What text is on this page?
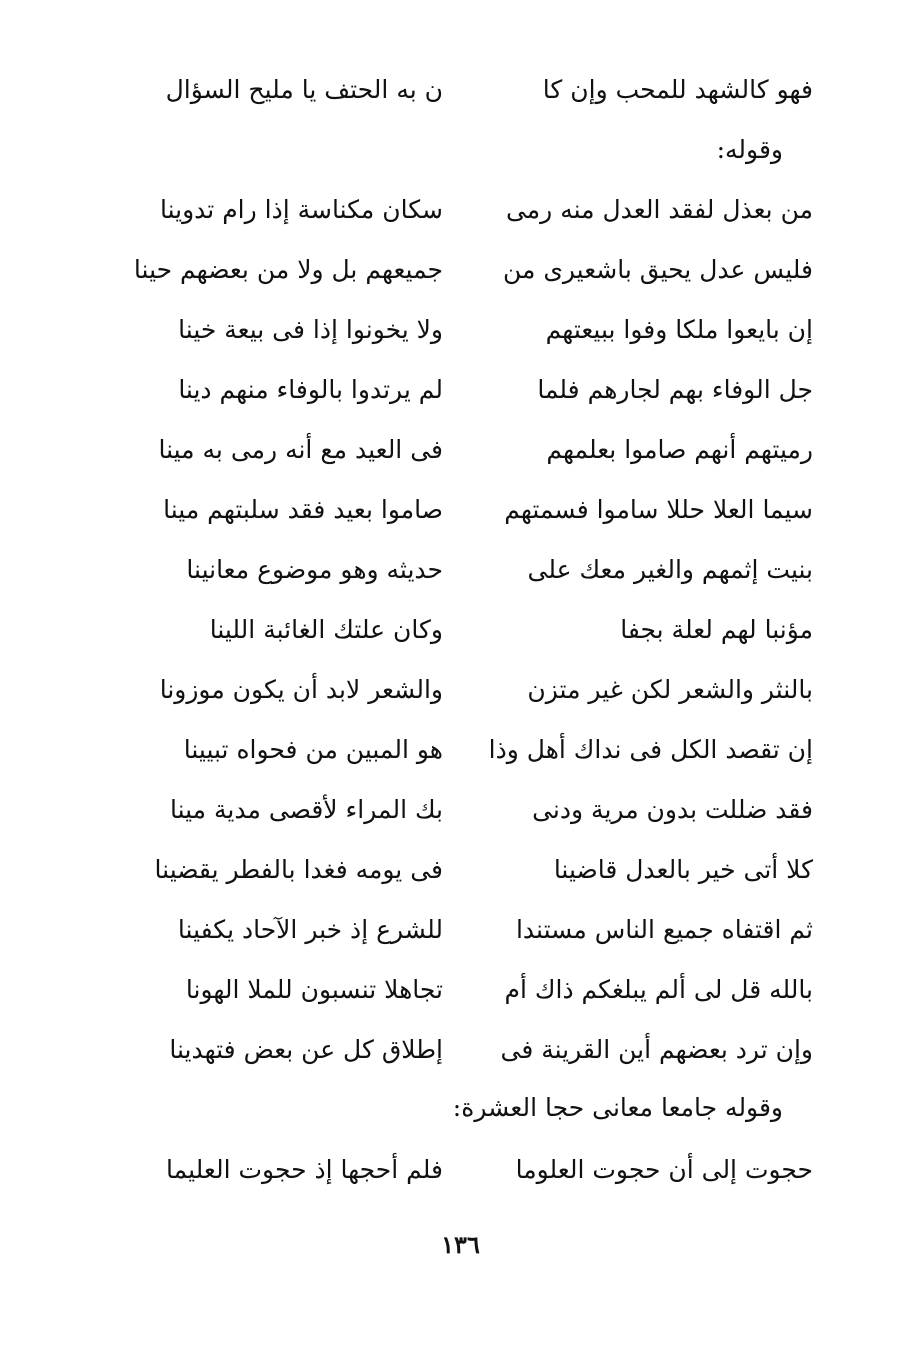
فهو كالشهد للمحب وإن كا
ن به الحتف يا مليح السؤال
وقوله:
من بعذل لفقد العدل منه رمى
سكان مكناسة إذا رام تدوينا
فليس عدل يحيق باشعيرى من
جميعهم بل ولا من بعضهم حينا
إن بايعوا ملكا وفوا ببيعتهم
ولا يخونوا إذا فى بيعة خينا
جل الوفاء بهم لجارهم فلما
لم يرتدوا بالوفاء منهم دينا
رميتهم أنهم صاموا بعلمهم
فى العيد مع أنه رمى به مينا
سيما العلا حللا ساموا فسمتهم
صاموا بعيد فقد سلبتهم مينا
بنيت إثمهم والغير معك على
حديثه وهو موضوع معانينا
مؤنبا لهم لعلة بجفا
وكان علتك الغائبة اللينا
بالنثر والشعر لكن غير متزن
والشعر لابد أن يكون موزونا
إن تقصد الكل فى نداك أهل وذا
هو المبين من فحواه تبيينا
فقد ضللت بدون مرية ودنى
بك المراء لأقصى مدية مينا
كلا أتى خير بالعدل قاضينا
فى يومه فغدا بالفطر يقضينا
ثم اقتفاه جميع الناس مستندا
للشرع إذ خبر الآحاد يكفينا
بالله قل لى ألم يبلغكم ذاك أم
تجاهلا تنسبون للملا الهونا
وإن ترد بعضهم أين القرينة فى
إطلاق كل عن بعض فتهدينا
وقوله جامعا معانى حجا العشرة:
حجوت إلى أن حجوت العلوما
فلم أحجها إذ حجوت العليما
١٣٦
